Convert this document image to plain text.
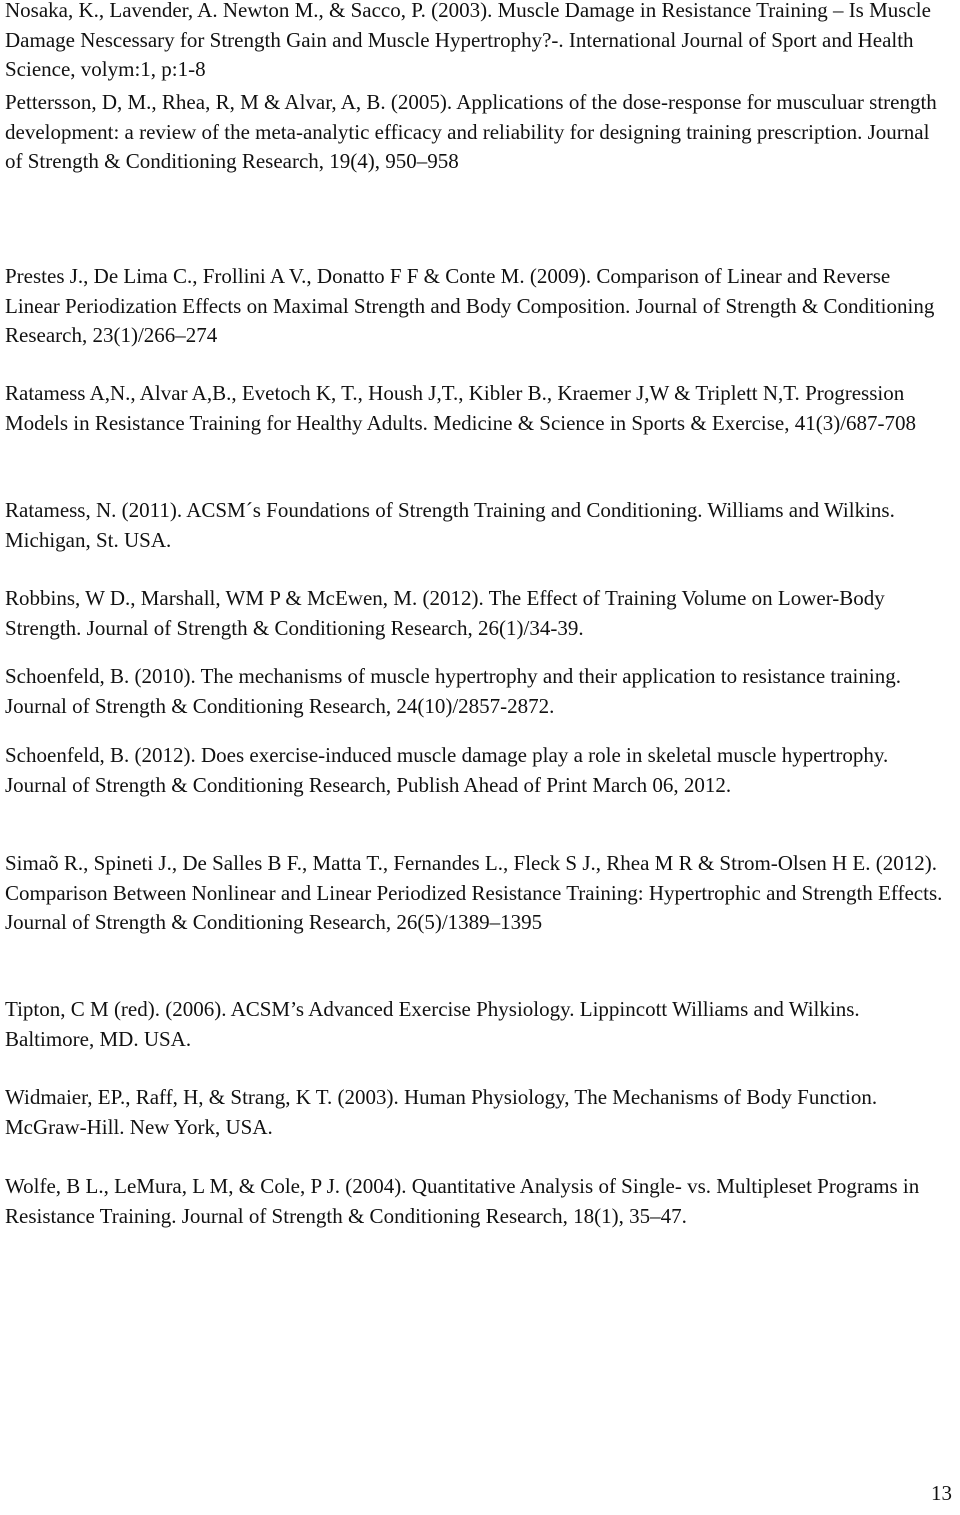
Nosaka, K., Lavender, A. Newton M., & Sacco, P. (2003). Muscle Damage in Resistance Training – Is Muscle Damage Nescessary for Strength Gain and Muscle Hypertrophy?-. International Journal of Sport and Health Science, volym:1, p:1-8

Pettersson, D, M., Rhea, R, M & Alvar, A, B. (2005). Applications of the dose-response for musculuar strength development: a review of the meta-analytic efficacy and reliability for designing training prescription. Journal of Strength & Conditioning Research, 19(4), 950–958

Prestes J., De Lima C., Frollini A V., Donatto F F & Conte M. (2009). Comparison of Linear and Reverse Linear Periodization Effects on Maximal Strength and Body Composition. Journal of Strength & Conditioning Research, 23(1)/266–274

Ratamess A,N., Alvar A,B., Evetoch K, T., Housh J,T., Kibler B., Kraemer J,W & Triplett N,T. Progression Models in Resistance Training for Healthy Adults. Medicine & Science in Sports & Exercise, 41(3)/687-708

Ratamess, N. (2011). ACSM´s Foundations of Strength Training and Conditioning. Williams and Wilkins. Michigan, St. USA.

Robbins, W D., Marshall, WM P & McEwen, M. (2012). The Effect of Training Volume on Lower-Body Strength. Journal of Strength & Conditioning Research, 26(1)/34-39.

Schoenfeld, B. (2010). The mechanisms of muscle hypertrophy and their application to resistance training. Journal of Strength & Conditioning Research, 24(10)/2857-2872.

Schoenfeld, B. (2012). Does exercise-induced muscle damage play a role in skeletal muscle hypertrophy. Journal of Strength & Conditioning Research, Publish Ahead of Print March 06, 2012.

Simaõ R., Spineti J., De Salles B F., Matta T., Fernandes L., Fleck S J., Rhea M R & Strom-Olsen H E. (2012). Comparison Between Nonlinear and Linear Periodized Resistance Training: Hypertrophic and Strength Effects. Journal of Strength & Conditioning Research, 26(5)/1389–1395

Tipton, C M (red). (2006). ACSM’s Advanced Exercise Physiology. Lippincott Williams and Wilkins. Baltimore, MD. USA.

Widmaier, EP., Raff, H, & Strang, K T. (2003). Human Physiology, The Mechanisms of Body Function. McGraw-Hill. New York, USA.

Wolfe, B L., LeMura, L M, & Cole, P J. (2004). Quantitative Analysis of Single- vs. Multipleset Programs in Resistance Training. Journal of Strength & Conditioning Research, 18(1), 35–47.

13
